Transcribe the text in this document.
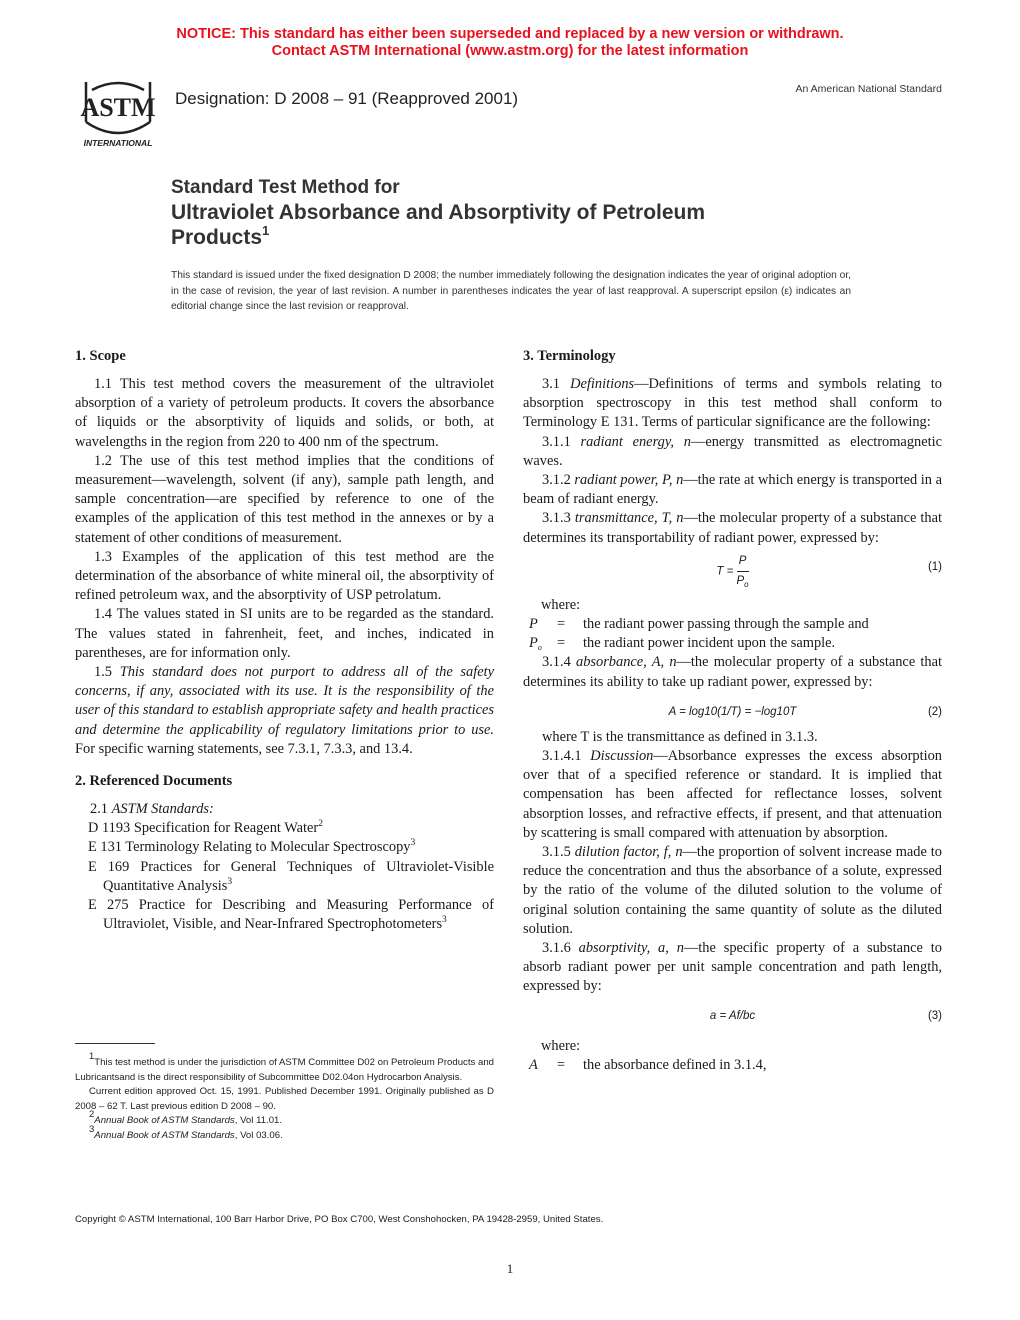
NOTICE: This standard has either been superseded and replaced by a new version or withdrawn.
Contact ASTM International (www.astm.org) for the latest information
ASTM
INTERNATIONAL
Designation: D 2008 – 91 (Reapproved 2001)	An American National Standard
Standard Test Method for
Ultraviolet Absorbance and Absorptivity of Petroleum
Products$^1$
This standard is issued under the fixed designation D 2008; the number immediately following the designation indicates the year of original adoption or, in the case of revision, the year of last revision. A number in parentheses indicates the year of last reapproval. A superscript epsilon (ε) indicates an editorial change since the last revision or reapproval.
1. Scope

1.1 This test method covers the measurement of the ultraviolet absorption of a variety of petroleum products. It covers the absorbance of liquids or the absorptivity of liquids and solids, or both, at wavelengths in the region from 220 to 400 nm of the spectrum.

1.2 The use of this test method implies that the conditions of measurement—wavelength, solvent (if any), sample path length, and sample concentration—are specified by reference to one of the examples of the application of this test method in the annexes or by a statement of other conditions of measurement.

1.3 Examples of the application of this test method are the determination of the absorbance of white mineral oil, the absorptivity of refined petroleum wax, and the absorptivity of USP petrolatum.

1.4 The values stated in SI units are to be regarded as the standard. The values stated in fahrenheit, feet, and inches, indicated in parentheses, are for information only.

1.5 This standard does not purport to address all of the safety concerns, if any, associated with its use. It is the responsibility of the user of this standard to establish appropriate safety and health practices and determine the applicability of regulatory limitations prior to use. For specific warning statements, see 7.3.1, 7.3.3, and 13.4.

2. Referenced Documents

2.1 ASTM Standards:

D 1193 Specification for Reagent Water$^2$

E 131 Terminology Relating to Molecular Spectroscopy$^3$

E 169 Practices for General Techniques of Ultraviolet-Visible Quantitative Analysis$^3$

E 275 Practice for Describing and Measuring Performance of Ultraviolet, Visible, and Near-Infrared Spectrophotometers$^3$

1This test method is under the jurisdiction of ASTM Committee D02 on Petroleum Products and Lubricantsand is the direct responsibility of Subcommittee D02.04on Hydrocarbon Analysis.

Current edition approved Oct. 15, 1991. Published December 1991. Originally published as D 2008 – 62 T. Last previous edition D 2008 – 90.

2Annual Book of ASTM Standards, Vol 11.01.

3Annual Book of ASTM Standards, Vol 03.06.

3. Terminology

3.1 Definitions—Definitions of terms and symbols relating to absorption spectroscopy in this test method shall conform to Terminology E 131. Terms of particular significance are the following:

3.1.1 radiant energy, n—energy transmitted as electromagnetic waves.

3.1.2 radiant power, P, n—the rate at which energy is transported in a beam of radiant energy.

3.1.3 transmittance, T, n—the molecular property of a substance that determines its transportability of radiant power, expressed by:

$T = \frac{P}{P_o}$	(1)

where:

P	=	the radiant power passing through the sample and
$P_o$	=	the radiant power incident upon the sample.

3.1.4 absorbance, A, n—the molecular property of a substance that determines its ability to take up radiant power, expressed by:

A = log10(1/T) = −log10T	(2)

where T is the transmittance as defined in 3.1.3.

3.1.4.1 Discussion—Absorbance expresses the excess absorption over that of a specified reference or standard. It is implied that compensation has been affected for reflectance losses, solvent absorption losses, and refractive effects, if present, and that attenuation by scattering is small compared with attenuation by absorption.

3.1.5 dilution factor, f, n—the proportion of solvent increase made to reduce the concentration and thus the absorbance of a solute, expressed by the ratio of the volume of the diluted solution to the volume of original solution containing the same quantity of solute as the diluted solution.

3.1.6 absorptivity, a, n—the specific property of a substance to absorb radiant power per unit sample concentration and path length, expressed by:

a = Af/bc	(3)

where:

A	=	the absorbance defined in 3.1.4,
Copyright © ASTM International, 100 Barr Harbor Drive, PO Box C700, West Conshohocken, PA 19428-2959, United States.
1
